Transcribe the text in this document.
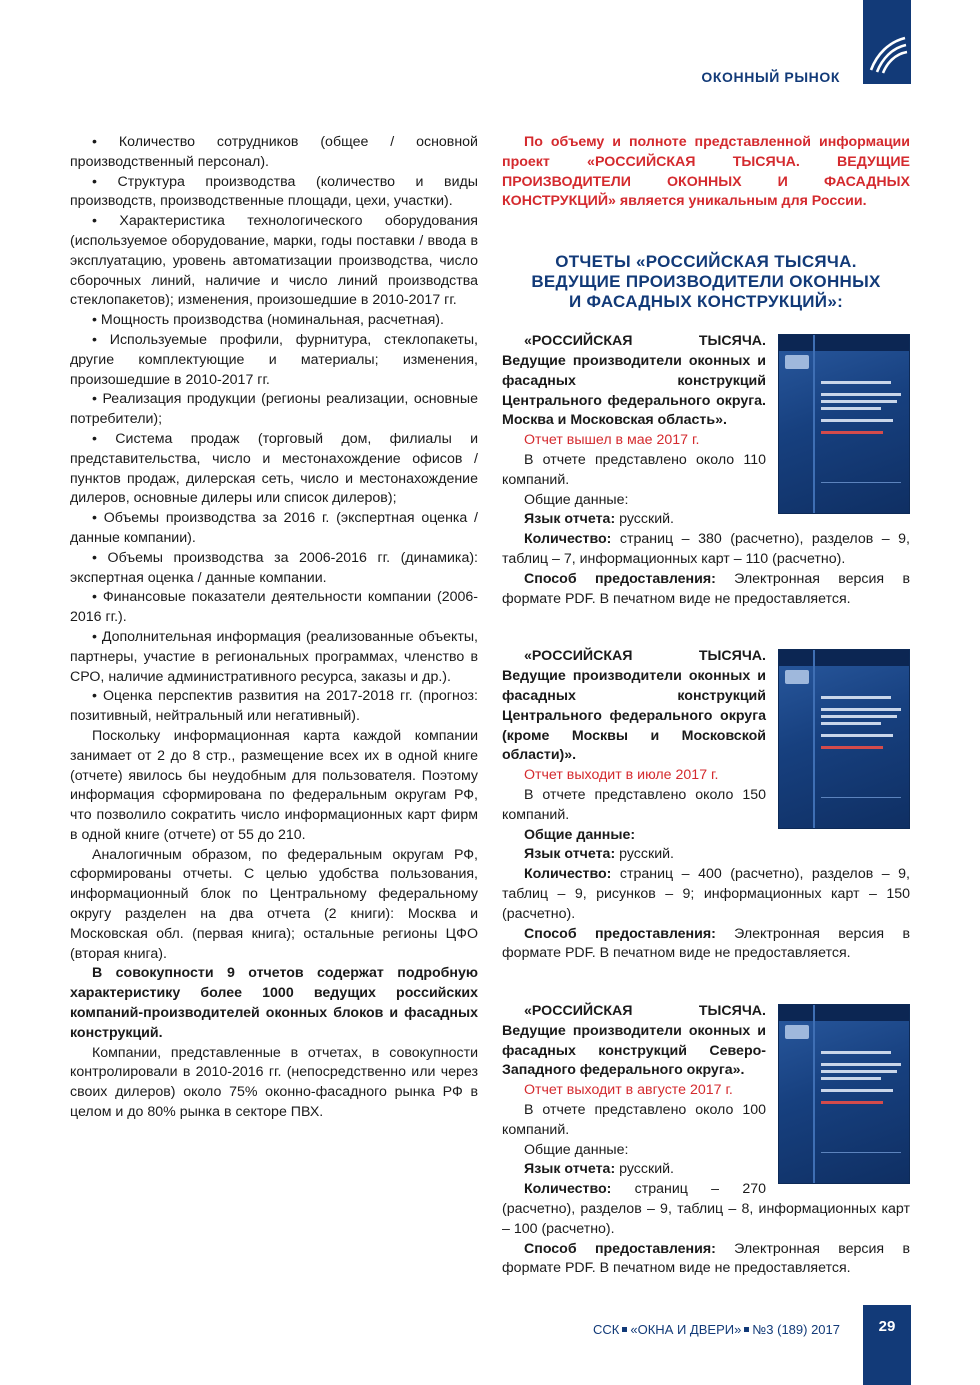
ОКОННЫЙ РЫНОК

• Количество сотрудников (общее / основной производственный персонал).

• Структура производства (количество и виды производств, производственные площади, цехи, участки).

• Характеристика технологического оборудования (используемое оборудование, марки, годы поставки / ввода в эксплуатацию, уровень автоматизации производства, число сборочных линий, наличие и число линий производства стеклопакетов); изменения, произошедшие в 2010-2017 гг.

• Мощность производства (номинальная, расчетная).

• Используемые профили, фурнитура, стеклопакеты, другие комплектующие и материалы; изменения, произошедшие в 2010-2017 гг.

• Реализация продукции (регионы реализации, основные потребители);

• Система продаж (торговый дом, филиалы и представительства, число и местонахождение офисов / пунктов продаж, дилерская сеть, число и местонахождение дилеров, основные дилеры или список дилеров);

• Объемы производства за 2016 г. (экспертная оценка / данные компании).

• Объемы производства за 2006-2016 гг. (динамика): экспертная оценка / данные компании.

• Финансовые показатели деятельности компании (2006-2016 гг.).

• Дополнительная информация (реализованные объекты, партнеры, участие в региональных программах, членство в СРО, наличие административного ресурса, заказы и др.).

• Оценка перспектив развития на 2017-2018 гг. (прогноз: позитивный, нейтральный или негативный).

Поскольку информационная карта каждой компании занимает от 2 до 8 стр., размещение всех их в одной книге (отчете) явилось бы неудобным для пользователя. Поэтому информация сформирована по федеральным округам РФ, что позволило сократить число информационных карт фирм в одной книге (отчете) от 55 до 210.

Аналогичным образом, по федеральным округам РФ, сформированы отчеты. С целью удобства пользования, информационный блок по Центральному федеральному округу разделен на два отчета (2 книги): Москва и Московская обл. (первая книга); остальные регионы ЦФО (вторая книга).

В совокупности 9 отчетов содержат подробную характеристику более 1000 ведущих российских компаний-производителей оконных блоков и фасадных конструкций.

Компании, представленные в отчетах, в совокупности контролировали в 2010-2016 гг. (непосредственно или через своих дилеров) около 75% оконно-фасадного рынка РФ в целом и до 80% рынка в секторе ПВХ.

По объему и полноте представленной информации проект «РОССИЙСКАЯ ТЫСЯЧА. ВЕДУЩИЕ ПРОИЗВОДИТЕЛИ ОКОННЫХ И ФАСАДНЫХ КОНСТРУКЦИЙ» является уникальным для России.

ОТЧЕТЫ «РОССИЙСКАЯ ТЫСЯЧА.
ВЕДУЩИЕ ПРОИЗВОДИТЕЛИ ОКОННЫХ
И ФАСАДНЫХ КОНСТРУКЦИЙ»:

«РОССИЙСКАЯ ТЫСЯЧА. Ведущие производители оконных и фасадных конструкций Центрального федерального округа. Москва и Московская область».

Отчет вышел в мае 2017 г.

В отчете представлено около 110 компаний.

Общие данные:

Язык отчета: русский.

Количество: страниц – 380 (расчетно), разделов – 9, таблиц – 7, информационных карт – 110 (расчетно).

Способ предоставления: Электронная версия в формате PDF. В печатном виде не предоставляется.

«РОССИЙСКАЯ ТЫСЯЧА. Ведущие производители оконных и фасадных конструкций Центрального федерального округа (кроме Москвы и Московской области)».

Отчет выходит в июле 2017 г.

В отчете представлено около 150 компаний.

Общие данные:

Язык отчета: русский.

Количество: страниц – 400 (расчетно), разделов – 9, таблиц – 9, рисунков – 9; информационных карт – 150 (расчетно).

Способ предоставления: Электронная версия в формате PDF. В печатном виде не предоставляется.

«РОССИЙСКАЯ ТЫСЯЧА. Ведущие производители оконных и фасадных конструкций Северо-Западного федерального округа».

Отчет выходит в августе 2017 г.

В отчете представлено около 100 компаний.

Общие данные:

Язык отчета: русский.

Количество: страниц – 270 (расчетно), разделов – 9, таблиц – 8, информационных карт – 100 (расчетно).

Способ предоставления: Электронная версия в формате PDF. В печатном виде не предоставляется.

ССК «ОКНА И ДВЕРИ» №3 (189) 2017	29
